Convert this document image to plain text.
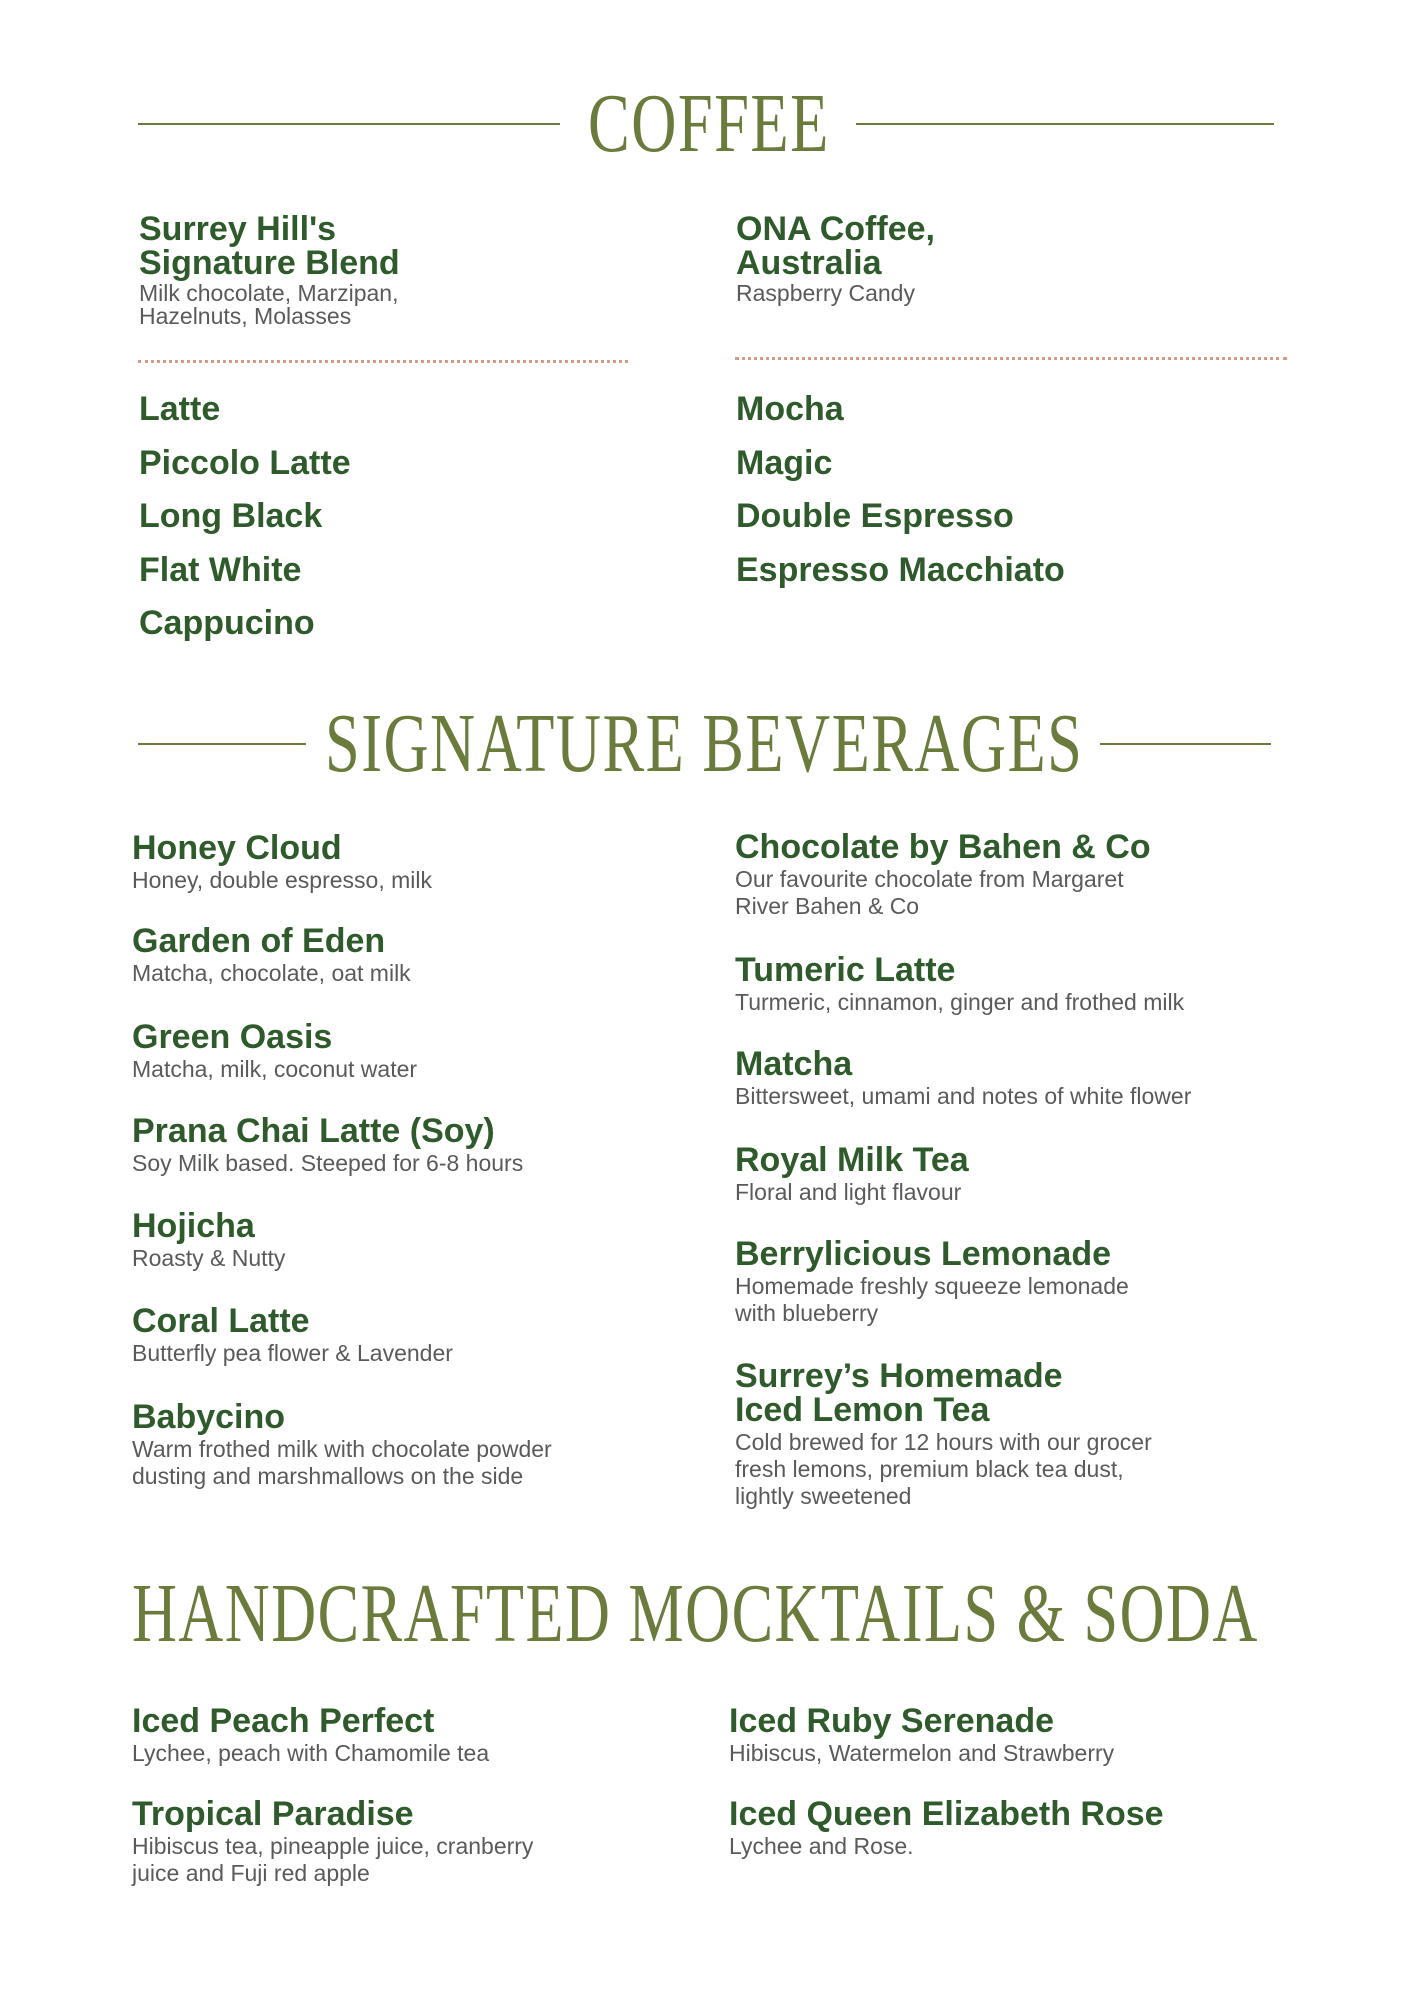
COFFEE
Surrey Hill's
Signature Blend
Milk chocolate, Marzipan,
Hazelnuts, Molasses
ONA Coffee,
Australia
Raspberry Candy
Latte
Piccolo Latte
Long Black
Flat White
Cappucino
Mocha
Magic
Double Espresso
Espresso Macchiato
SIGNATURE BEVERAGES
Honey Cloud
Honey, double espresso, milk
Garden of Eden
Matcha, chocolate, oat milk
Green Oasis
Matcha, milk, coconut water
Prana Chai Latte (Soy)
Soy Milk based. Steeped for 6-8 hours
Hojicha
Roasty & Nutty
Coral Latte
Butterfly pea flower & Lavender
Babycino
Warm frothed milk with chocolate powder
dusting and marshmallows on the side
Chocolate by Bahen & Co
Our favourite chocolate from Margaret
River Bahen & Co
Tumeric Latte
Turmeric, cinnamon, ginger and frothed milk
Matcha
Bittersweet, umami and notes of white flower
Royal Milk Tea
Floral and light flavour
Berrylicious Lemonade
Homemade freshly squeeze lemonade
with blueberry
Surrey’s Homemade
Iced Lemon Tea
Cold brewed for 12 hours with our grocer
fresh lemons, premium black tea dust,
lightly sweetened
HANDCRAFTED MOCKTAILS & SODA
Iced Peach Perfect
Lychee, peach with Chamomile tea
Tropical Paradise
Hibiscus tea, pineapple juice, cranberry
juice and Fuji red apple
Iced Ruby Serenade
Hibiscus, Watermelon and Strawberry
Iced Queen Elizabeth Rose
Lychee and Rose.
